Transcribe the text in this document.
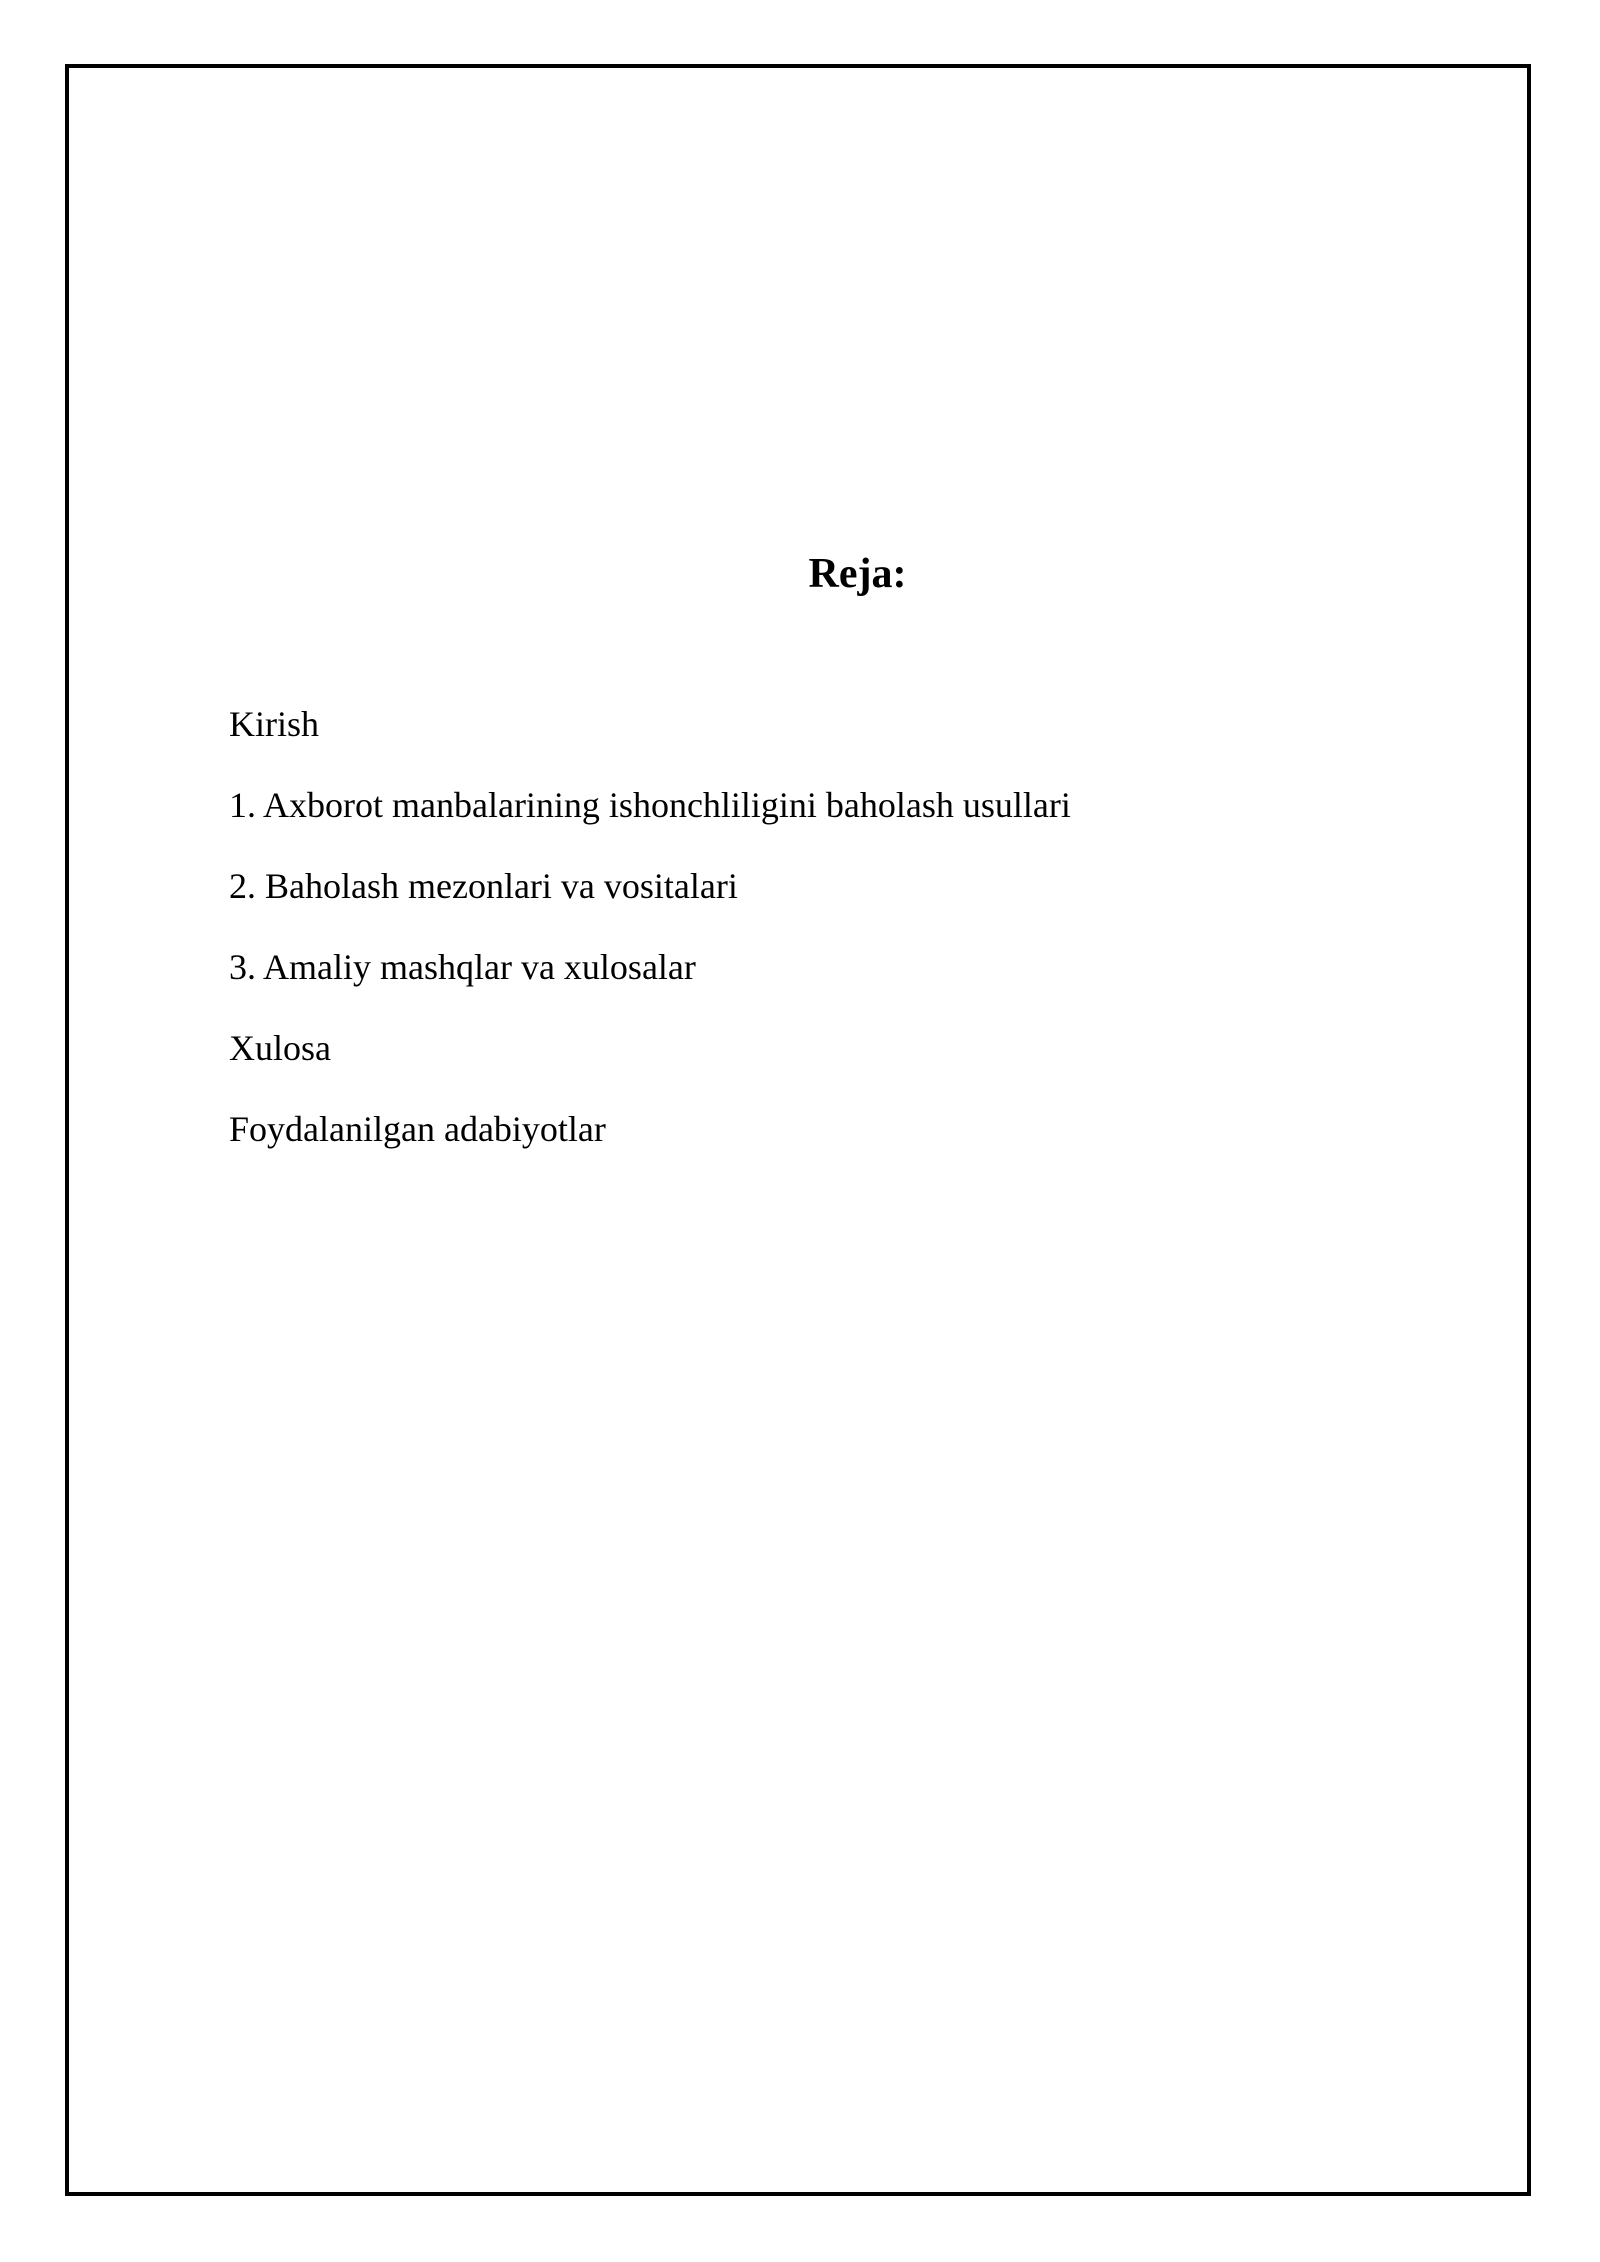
Reja:
Kirish
1. Axborot manbalarining ishonchliligini baholash usullari
2. Baholash mezonlari va vositalari
3. Amaliy mashqlar va xulosalar
Xulosa
Foydalanilgan adabiyotlar
